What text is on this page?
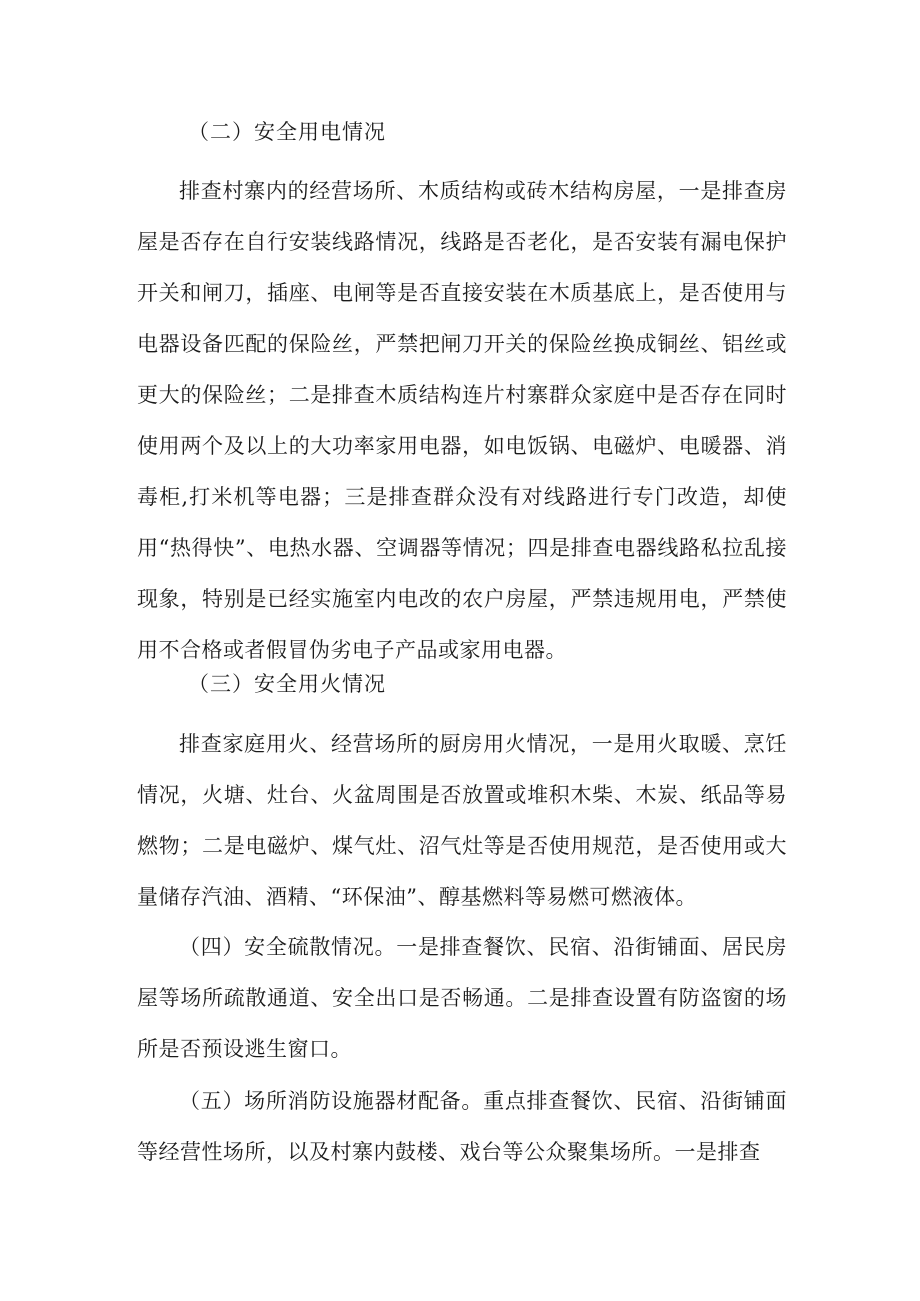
（二）安全用电情况

排查村寨内的经营场所、木质结构或砖木结构房屋，一是排查房屋是否存在自行安装线路情况，线路是否老化，是否安装有漏电保护开关和闸刀，插座、电闸等是否直接安装在木质基底上，是否使用与电器设备匹配的保险丝，严禁把闸刀开关的保险丝换成铜丝、铝丝或更大的保险丝；二是排查木质结构连片村寨群众家庭中是否存在同时使用两个及以上的大功率家用电器，如电饭锅、电磁炉、电暖器、消毒柜,打米机等电器；三是排查群众没有对线路进行专门改造，却使用“热得快”、电热水器、空调器等情况；四是排查电器线路私拉乱接现象，特别是已经实施室内电改的农户房屋，严禁违规用电，严禁使用不合格或者假冒伪劣电子产品或家用电器。

（三）安全用火情况

排查家庭用火、经营场所的厨房用火情况，一是用火取暖、烹饪情况，火塘、灶台、火盆周围是否放置或堆积木柴、木炭、纸品等易燃物；二是电磁炉、煤气灶、沼气灶等是否使用规范，是否使用或大量储存汽油、酒精、“环保油”、醇基燃料等易燃可燃液体。

（四）安全硫散情况。一是排查餐饮、民宿、沿街铺面、居民房屋等场所疏散通道、安全出口是否畅通。二是排查设置有防盗窗的场所是否预设逃生窗口。

（五）场所消防设施器材配备。重点排查餐饮、民宿、沿街铺面等经营性场所，以及村寨内鼓楼、戏台等公众聚集场所。一是排查
